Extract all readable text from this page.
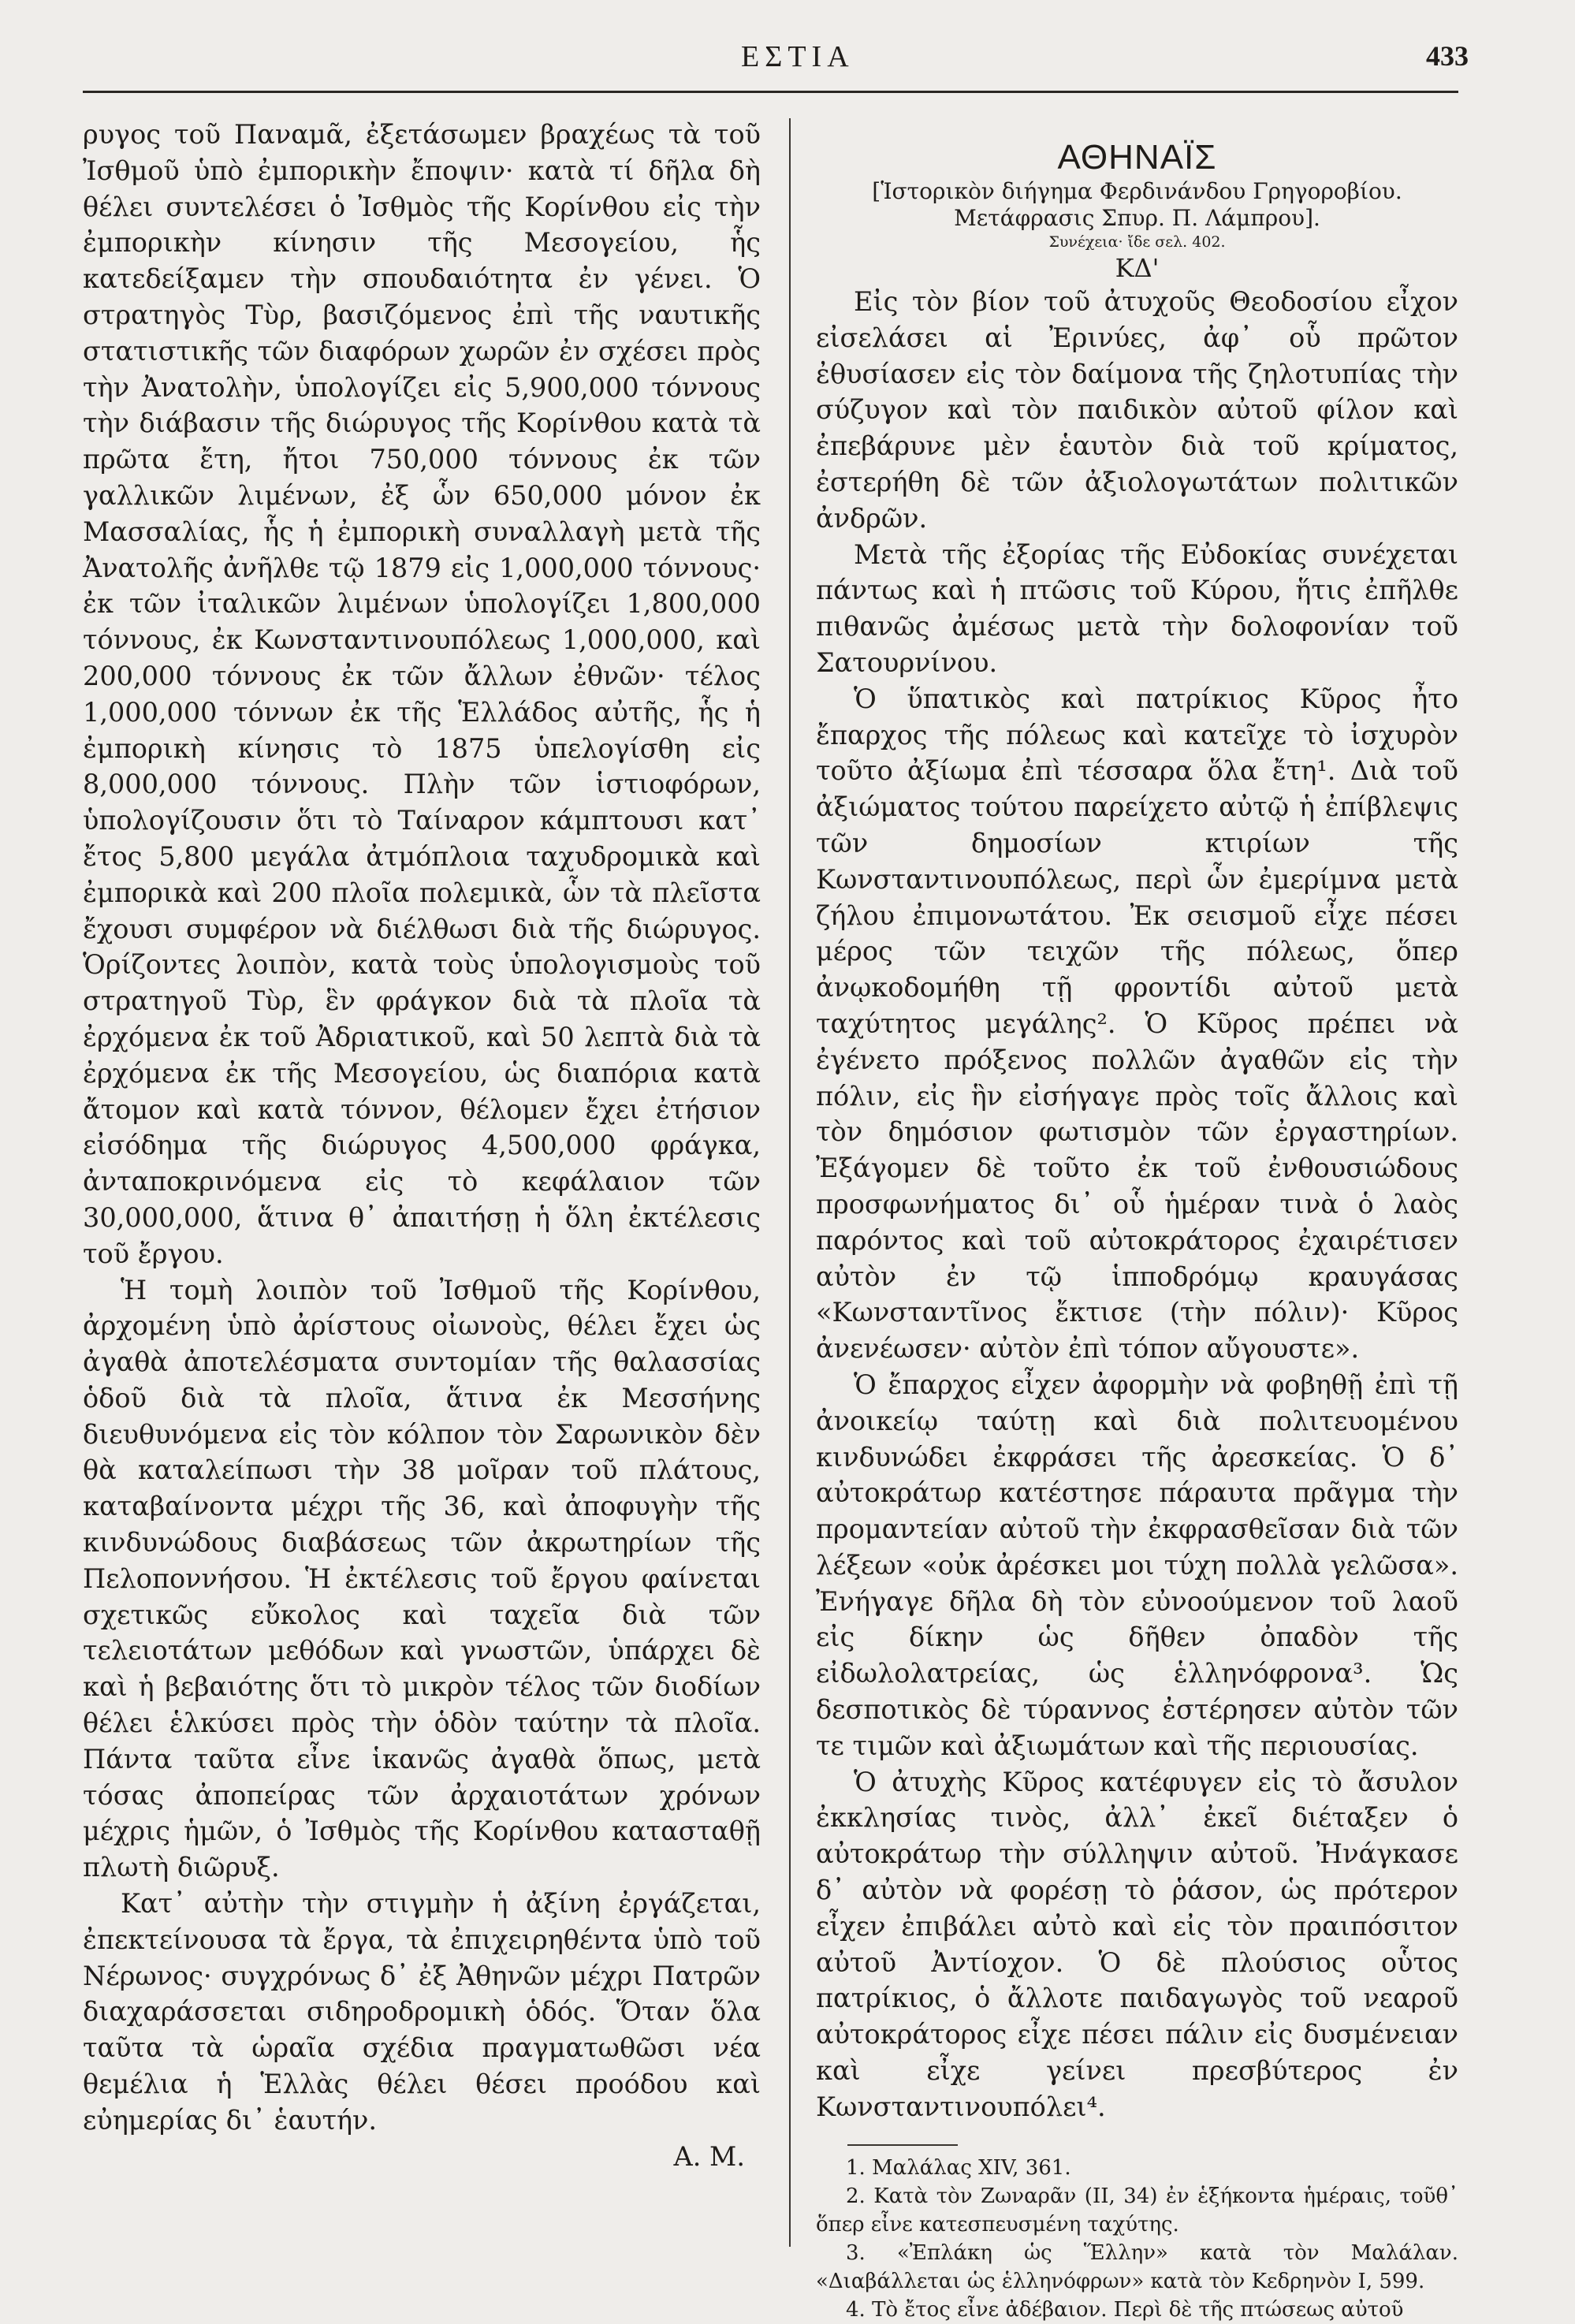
ΕΣΤΙΑ	433

ρυγος τοῦ Παναμᾶ, ἐξετάσωμεν βραχέως τὰ τοῦ Ἰσθμοῦ ὑπὸ ἐμπορικὴν ἔποψιν· κατὰ τί δῆλα δὴ θέλει συντελέσει ὁ Ἰσθμὸς τῆς Κορίνθου εἰς τὴν ἐμπορικὴν κίνησιν τῆς Μεσογείου, ἧς κατεδείξαμεν τὴν σπουδαιότητα ἐν γένει. Ὁ στρατηγὸς Τὺρ, βασιζόμενος ἐπὶ τῆς ναυτικῆς στατιστικῆς τῶν διαφόρων χωρῶν ἐν σχέσει πρὸς τὴν Ἀνατολὴν, ὑπολογίζει εἰς 5,900,000 τόννους τὴν διάβασιν τῆς διώρυγος τῆς Κορίνθου κατὰ τὰ πρῶτα ἔτη, ἤτοι 750,000 τόννους ἐκ τῶν γαλλικῶν λιμένων, ἐξ ὧν 650,000 μόνον ἐκ Μασσαλίας, ἧς ἡ ἐμπορικὴ συναλλαγὴ μετὰ τῆς Ἀνατολῆς ἀνῆλθε τῷ 1879 εἰς 1,000,000 τόννους· ἐκ τῶν ἰταλικῶν λιμένων ὑπολογίζει 1,800,000 τόννους, ἐκ Κωνσταντινουπόλεως 1,000,000, καὶ 200,000 τόννους ἐκ τῶν ἄλλων ἐθνῶν· τέλος 1,000,000 τόννων ἐκ τῆς Ἑλλάδος αὐτῆς, ἧς ἡ ἐμπορικὴ κίνησις τὸ 1875 ὑπελογίσθη εἰς 8,000,000 τόννους. Πλὴν τῶν ἱστιοφόρων, ὑπολογίζουσιν ὅτι τὸ Ταίναρον κάμπτουσι κατ᾽ ἔτος 5,800 μεγάλα ἀτμόπλοια ταχυδρομικὰ καὶ ἐμπορικὰ καὶ 200 πλοῖα πολεμικὰ, ὧν τὰ πλεῖστα ἔχουσι συμφέρον νὰ διέλθωσι διὰ τῆς διώρυγος. Ὁρίζοντες λοιπὸν, κατὰ τοὺς ὑπολογισμοὺς τοῦ στρατηγοῦ Τὺρ, ἓν φράγκον διὰ τὰ πλοῖα τὰ ἐρχόμενα ἐκ τοῦ Ἀδριατικοῦ, καὶ 50 λεπτὰ διὰ τὰ ἐρχόμενα ἐκ τῆς Μεσογείου, ὡς διαπόρια κατὰ ἄτομον καὶ κατὰ τόννον, θέλομεν ἔχει ἐτήσιον εἰσόδημα τῆς διώρυγος 4,500,000 φράγκα, ἀνταποκρινόμενα εἰς τὸ κεφάλαιον τῶν 30,000,000, ἅτινα θ᾽ ἀπαιτήσῃ ἡ ὅλη ἐκτέλεσις τοῦ ἔργου.

Ἡ τομὴ λοιπὸν τοῦ Ἰσθμοῦ τῆς Κορίνθου, ἀρχομένη ὑπὸ ἀρίστους οἰωνοὺς, θέλει ἔχει ὡς ἀγαθὰ ἀποτελέσματα συντομίαν τῆς θαλασσίας ὁδοῦ διὰ τὰ πλοῖα, ἅτινα ἐκ Μεσσήνης διευθυνόμενα εἰς τὸν κόλπον τὸν Σαρωνικὸν δὲν θὰ καταλείπωσι τὴν 38 μοῖραν τοῦ πλάτους, καταβαίνοντα μέχρι τῆς 36, καὶ ἀποφυγὴν τῆς κινδυνώδους διαβάσεως τῶν ἀκρωτηρίων τῆς Πελοποννήσου. Ἡ ἐκτέλεσις τοῦ ἔργου φαίνεται σχετικῶς εὔκολος καὶ ταχεῖα διὰ τῶν τελειοτάτων μεθόδων καὶ γνωστῶν, ὑπάρχει δὲ καὶ ἡ βεβαιότης ὅτι τὸ μικρὸν τέλος τῶν διοδίων θέλει ἑλκύσει πρὸς τὴν ὁδὸν ταύτην τὰ πλοῖα. Πάντα ταῦτα εἶνε ἱκανῶς ἀγαθὰ ὅπως, μετὰ τόσας ἀποπείρας τῶν ἀρχαιοτάτων χρόνων μέχρις ἡμῶν, ὁ Ἰσθμὸς τῆς Κορίνθου κατασταθῇ πλωτὴ διῶρυξ.

Κατ᾽ αὐτὴν τὴν στιγμὴν ἡ ἀξίνη ἐργάζεται, ἐπεκτείνουσα τὰ ἔργα, τὰ ἐπιχειρηθέντα ὑπὸ τοῦ Νέρωνος· συγχρόνως δ᾽ ἐξ Ἀθηνῶν μέχρι Πατρῶν διαχαράσσεται σιδηροδρομικὴ ὁδός. Ὅταν ὅλα ταῦτα τὰ ὡραῖα σχέδια πραγματωθῶσι νέα θεμέλια ἡ Ἑλλὰς θέλει θέσει προόδου καὶ εὐημερίας δι᾽ ἑαυτήν.

Α. Μ.

ΑΘΗΝΑΪΣ
[Ἱστορικὸν διήγημα Φερδινάνδου Γρηγοροβίου.
Μετάφρασις Σπυρ. Π. Λάμπρου].
Συνέχεια· ἴδε σελ. 402.
ΚΔ'

Εἰς τὸν βίον τοῦ ἀτυχοῦς Θεοδοσίου εἶχον εἰσελάσει αἱ Ἐρινύες, ἀφ᾽ οὗ πρῶτον ἐθυσίασεν εἰς τὸν δαίμονα τῆς ζηλοτυπίας τὴν σύζυγον καὶ τὸν παιδικὸν αὐτοῦ φίλον καὶ ἐπεβάρυνε μὲν ἑαυτὸν διὰ τοῦ κρίματος, ἐστερήθη δὲ τῶν ἀξιολογωτάτων πολιτικῶν ἀνδρῶν.

Μετὰ τῆς ἐξορίας τῆς Εὐδοκίας συνέχεται πάντως καὶ ἡ πτῶσις τοῦ Κύρου, ἥτις ἐπῆλθε πιθανῶς ἀμέσως μετὰ τὴν δολοφονίαν τοῦ Σατουρνίνου.

Ὁ ὕπατικὸς καὶ πατρίκιος Κῦρος ἦτο ἔπαρχος τῆς πόλεως καὶ κατεῖχε τὸ ἰσχυρὸν τοῦτο ἀξίωμα ἐπὶ τέσσαρα ὅλα ἔτη¹. Διὰ τοῦ ἀξιώματος τούτου παρείχετο αὐτῷ ἡ ἐπίβλεψις τῶν δημοσίων κτιρίων τῆς Κωνσταντινουπόλεως, περὶ ὧν ἐμερίμνα μετὰ ζήλου ἐπιμονωτάτου. Ἐκ σεισμοῦ εἶχε πέσει μέρος τῶν τειχῶν τῆς πόλεως, ὅπερ ἀνῳκοδομήθη τῇ φροντίδι αὐτοῦ μετὰ ταχύτητος μεγάλης². Ὁ Κῦρος πρέπει νὰ ἐγένετο πρόξενος πολλῶν ἀγαθῶν εἰς τὴν πόλιν, εἰς ἣν εἰσήγαγε πρὸς τοῖς ἄλλοις καὶ τὸν δημόσιον φωτισμὸν τῶν ἐργαστηρίων. Ἐξάγομεν δὲ τοῦτο ἐκ τοῦ ἐνθουσιώδους προσφωνήματος δι᾽ οὗ ἡμέραν τινὰ ὁ λαὸς παρόντος καὶ τοῦ αὐτοκράτορος ἐχαιρέτισεν αὐτὸν ἐν τῷ ἱπποδρόμῳ κραυγάσας «Κωνσταντῖνος ἔκτισε (τὴν πόλιν)· Κῦρος ἀνενέωσεν· αὐτὸν ἐπὶ τόπον αὔγουστε».

Ὁ ἔπαρχος εἶχεν ἀφορμὴν νὰ φοβηθῇ ἐπὶ τῇ ἀνοικείῳ ταύτῃ καὶ διὰ πολιτευομένου κινδυνώδει ἐκφράσει τῆς ἀρεσκείας. Ὁ δ᾽ αὐτοκράτωρ κατέστησε πάραυτα πρᾶγμα τὴν προμαντείαν αὐτοῦ τὴν ἐκφρασθεῖσαν διὰ τῶν λέξεων «οὐκ ἀρέσκει μοι τύχη πολλὰ γελῶσα». Ἐνήγαγε δῆλα δὴ τὸν εὐνοούμενον τοῦ λαοῦ εἰς δίκην ὡς δῆθεν ὀπαδὸν τῆς εἰδωλολατρείας, ὡς ἑλληνόφρονα³. Ὡς δεσποτικὸς δὲ τύραννος ἐστέρησεν αὐτὸν τῶν τε τιμῶν καὶ ἀξιωμάτων καὶ τῆς περιουσίας.

Ὁ ἀτυχὴς Κῦρος κατέφυγεν εἰς τὸ ἄσυλον ἐκκλησίας τινὸς, ἀλλ᾽ ἐκεῖ διέταξεν ὁ αὐτοκράτωρ τὴν σύλληψιν αὐτοῦ. Ἠνάγκασε δ᾽ αὐτὸν νὰ φορέσῃ τὸ ῥάσον, ὡς πρότερον εἶχεν ἐπιβάλει αὐτὸ καὶ εἰς τὸν πραιπόσιτον αὐτοῦ Ἀντίοχον. Ὁ δὲ πλούσιος οὗτος πατρίκιος, ὁ ἄλλοτε παιδαγωγὸς τοῦ νεαροῦ αὐτοκράτορος εἶχε πέσει πάλιν εἰς δυσμένειαν καὶ εἶχε γείνει πρεσβύτερος ἐν Κωνσταντινουπόλει⁴.

1. Μαλάλας XIV, 361.

2. Κατὰ τὸν Ζωναρᾶν (II, 34) ἐν ἑξήκοντα ἡμέραις, τοῦθ᾽ ὅπερ εἶνε κατεσπευσμένη ταχύτης.

3. «Ἐπλάκη ὡς Ἕλλην» κατὰ τὸν Μαλάλαν. «Διαβάλλεται ὡς ἑλληνόφρων» κατὰ τὸν Κεδρηνὸν I, 599.

4. Τὸ ἔτος εἶνε ἀδέβαιον. Περὶ δὲ τῆς πτώσεως αὐτοῦ
